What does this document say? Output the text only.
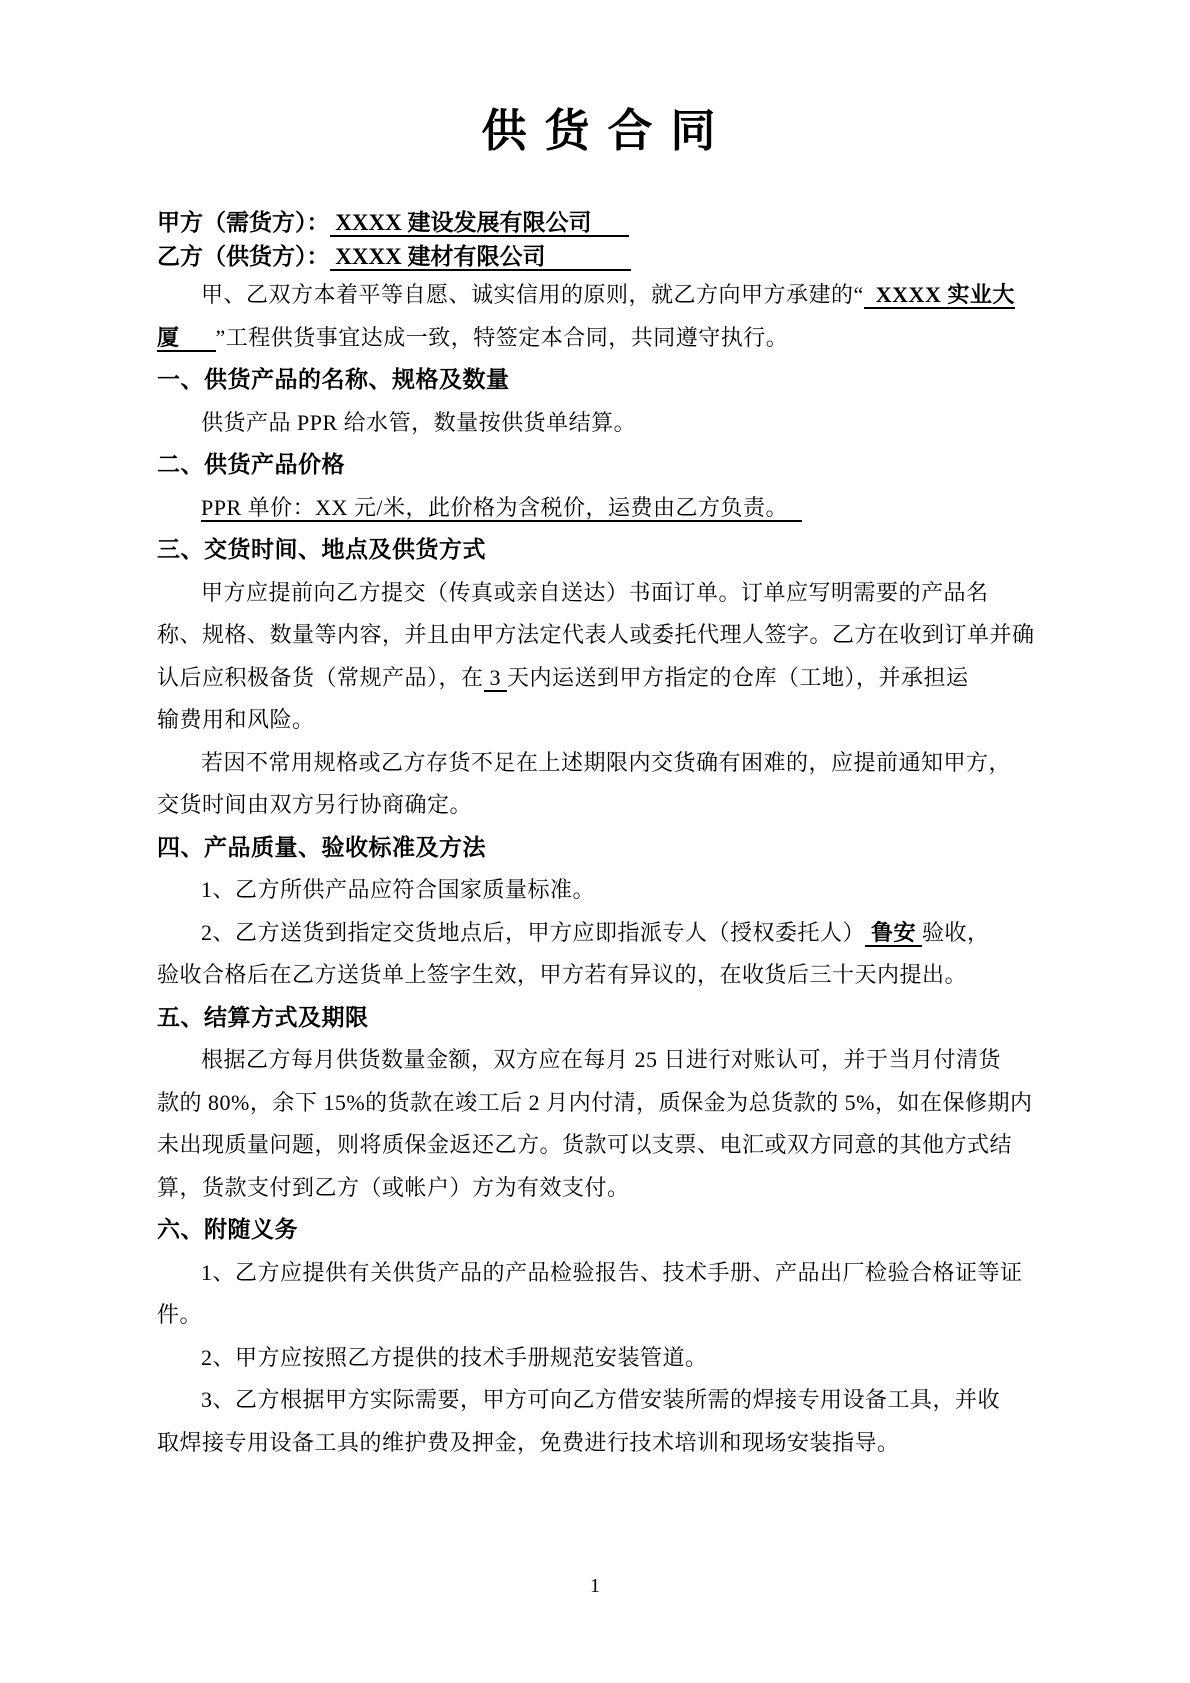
供货合同
甲方（需货方）： XXXX 建设发展有限公司
乙方（供货方）： XXXX 建材有限公司
甲、乙双方本着平等自愿、诚实信用的原则，就乙方向甲方承建的“  XXXX 实业大
厦 ”工程供货事宜达成一致，特签定本合同，共同遵守执行。
一、供货产品的名称、规格及数量
供货产品 PPR 给水管，数量按供货单结算。
二、供货产品价格
PPR 单价：XX 元/米，此价格为含税价，运费由乙方负责。
三、交货时间、地点及供货方式
甲方应提前向乙方提交（传真或亲自送达）书面订单。订单应写明需要的产品名
称、规格、数量等内容，并且由甲方法定代表人或委托代理人签字。乙方在收到订单并确
认后应积极备货（常规产品），在 3 天内运送到甲方指定的仓库（工地），并承担运
输费用和风险。
若因不常用规格或乙方存货不足在上述期限内交货确有困难的，应提前通知甲方，
交货时间由双方另行协商确定。
四、产品质量、验收标准及方法
1、乙方所供产品应符合国家质量标准。
2、乙方送货到指定交货地点后，甲方应即指派专人（授权委托人） 鲁安 验收，
验收合格后在乙方送货单上签字生效，甲方若有异议的，在收货后三十天内提出。
五、结算方式及期限
根据乙方每月供货数量金额，双方应在每月 25 日进行对账认可，并于当月付清货
款的 80%，余下 15%的货款在竣工后 2 月内付清，质保金为总货款的 5%，如在保修期内
未出现质量问题，则将质保金返还乙方。货款可以支票、电汇或双方同意的其他方式结
算，货款支付到乙方（或帐户）方为有效支付。
六、附随义务
1、乙方应提供有关供货产品的产品检验报告、技术手册、产品出厂检验合格证等证
件。
2、甲方应按照乙方提供的技术手册规范安装管道。
3、乙方根据甲方实际需要，甲方可向乙方借安装所需的焊接专用设备工具，并收
取焊接专用设备工具的维护费及押金，免费进行技术培训和现场安装指导。
1
